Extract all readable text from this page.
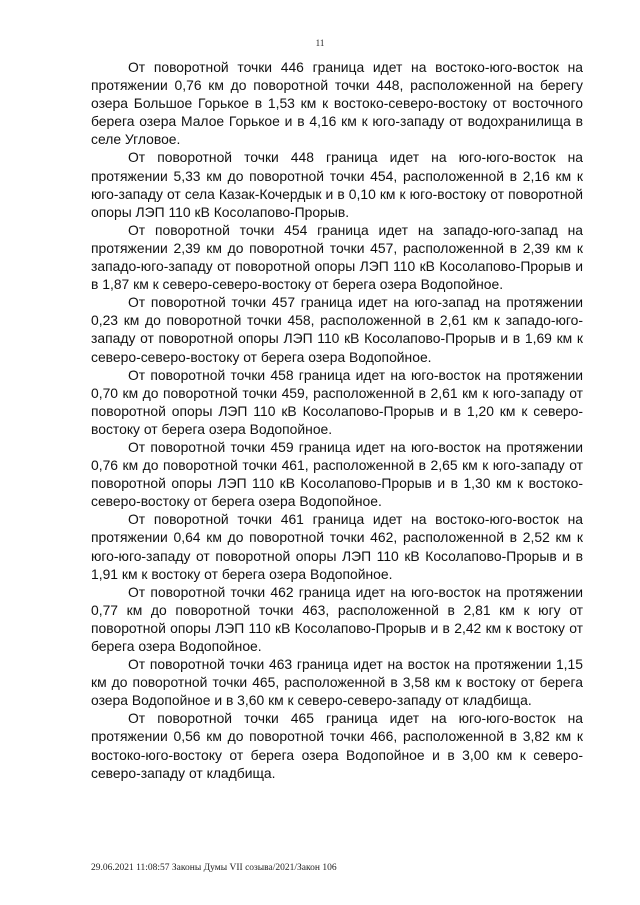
11

От поворотной точки 446 граница идет на востоко-юго-восток на протяжении 0,76 км до поворотной точки 448, расположенной на берегу озера Большое Горькое в 1,53 км к востоко-северо-востоку от восточного берега озера Малое Горькое и в 4,16 км к юго-западу от водохранилища в селе Угловое.

От поворотной точки 448 граница идет на юго-юго-восток на протяжении 5,33 км до поворотной точки 454, расположенной в 2,16 км к юго-западу от села Казак-Кочердык и в 0,10 км к юго-востоку от поворотной опоры ЛЭП 110 кВ Косолапово-Прорыв.

От поворотной точки 454 граница идет на западо-юго-запад на протяжении 2,39 км до поворотной точки 457, расположенной в 2,39 км к западо-юго-западу от поворотной опоры ЛЭП 110 кВ Косолапово-Прорыв и в 1,87 км к северо-северо-востоку от берега озера Водопойное.

От поворотной точки 457 граница идет на юго-запад на протяжении 0,23 км до поворотной точки 458, расположенной в 2,61 км к западо-юго-западу от поворотной опоры ЛЭП 110 кВ Косолапово-Прорыв и в 1,69 км к северо-северо-востоку от берега озера Водопойное.

От поворотной точки 458 граница идет на юго-восток на протяжении 0,70 км до поворотной точки 459, расположенной в 2,61 км к юго-западу от поворотной опоры ЛЭП 110 кВ Косолапово-Прорыв и в 1,20 км к северо-востоку от берега озера Водопойное.

От поворотной точки 459 граница идет на юго-восток на протяжении 0,76 км до поворотной точки 461, расположенной в 2,65 км к юго-западу от поворотной опоры ЛЭП 110 кВ Косолапово-Прорыв и в 1,30 км к востоко-северо-востоку от берега озера Водопойное.

От поворотной точки 461 граница идет на востоко-юго-восток на протяжении 0,64 км до поворотной точки 462, расположенной в 2,52 км к юго-юго-западу от поворотной опоры ЛЭП 110 кВ Косолапово-Прорыв и в 1,91 км к востоку от берега озера Водопойное.

От поворотной точки 462 граница идет на юго-восток на протяжении 0,77 км до поворотной точки 463, расположенной в 2,81 км к югу от поворотной опоры ЛЭП 110 кВ Косолапово-Прорыв и в 2,42 км к востоку от берега озера Водопойное.

От поворотной точки 463 граница идет на восток на протяжении 1,15 км до поворотной точки 465, расположенной в 3,58 км к востоку от берега озера Водопойное и в 3,60 км к северо-северо-западу от кладбища.

От поворотной точки 465 граница идет на юго-юго-восток на протяжении 0,56 км до поворотной точки 466, расположенной в 3,82 км к востоко-юго-востоку от берега озера Водопойное и в 3,00 км к северо-северо-западу от кладбища.

29.06.2021 11:08:57 Законы Думы VII созыва/2021/Закон 106
